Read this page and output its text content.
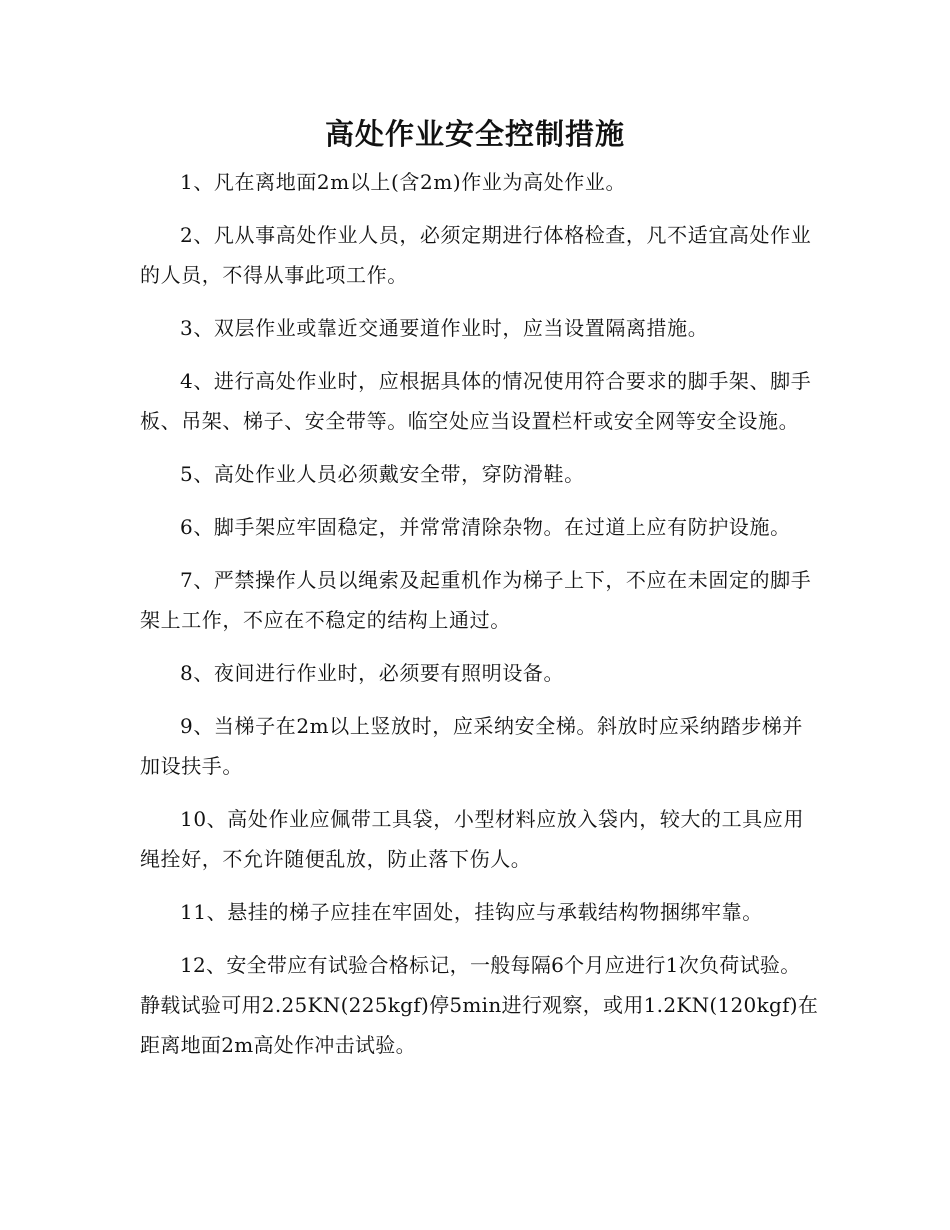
高处作业安全控制措施

1、凡在离地面2m以上(含2m)作业为高处作业。

2、凡从事高处作业人员，必须定期进行体格检查，凡不适宜高处作业的人员，不得从事此项工作。

3、双层作业或靠近交通要道作业时，应当设置隔离措施。

4、进行高处作业时，应根据具体的情况使用符合要求的脚手架、脚手板、吊架、梯子、安全带等。临空处应当设置栏杆或安全网等安全设施。

5、高处作业人员必须戴安全带，穿防滑鞋。

6、脚手架应牢固稳定，并常常清除杂物。在过道上应有防护设施。

7、严禁操作人员以绳索及起重机作为梯子上下，不应在未固定的脚手架上工作，不应在不稳定的结构上通过。

8、夜间进行作业时，必须要有照明设备。

9、当梯子在2m以上竖放时，应采纳安全梯。斜放时应采纳踏步梯并加设扶手。

10、高处作业应佩带工具袋，小型材料应放入袋内，较大的工具应用绳拴好，不允许随便乱放，防止落下伤人。

11、悬挂的梯子应挂在牢固处，挂钩应与承载结构物捆绑牢靠。

12、安全带应有试验合格标记，一般每隔6个月应进行1次负荷试验。静载试验可用2.25KN(225kgf)停5min进行观察，或用1.2KN(120kgf)在距离地面2m高处作冲击试验。
